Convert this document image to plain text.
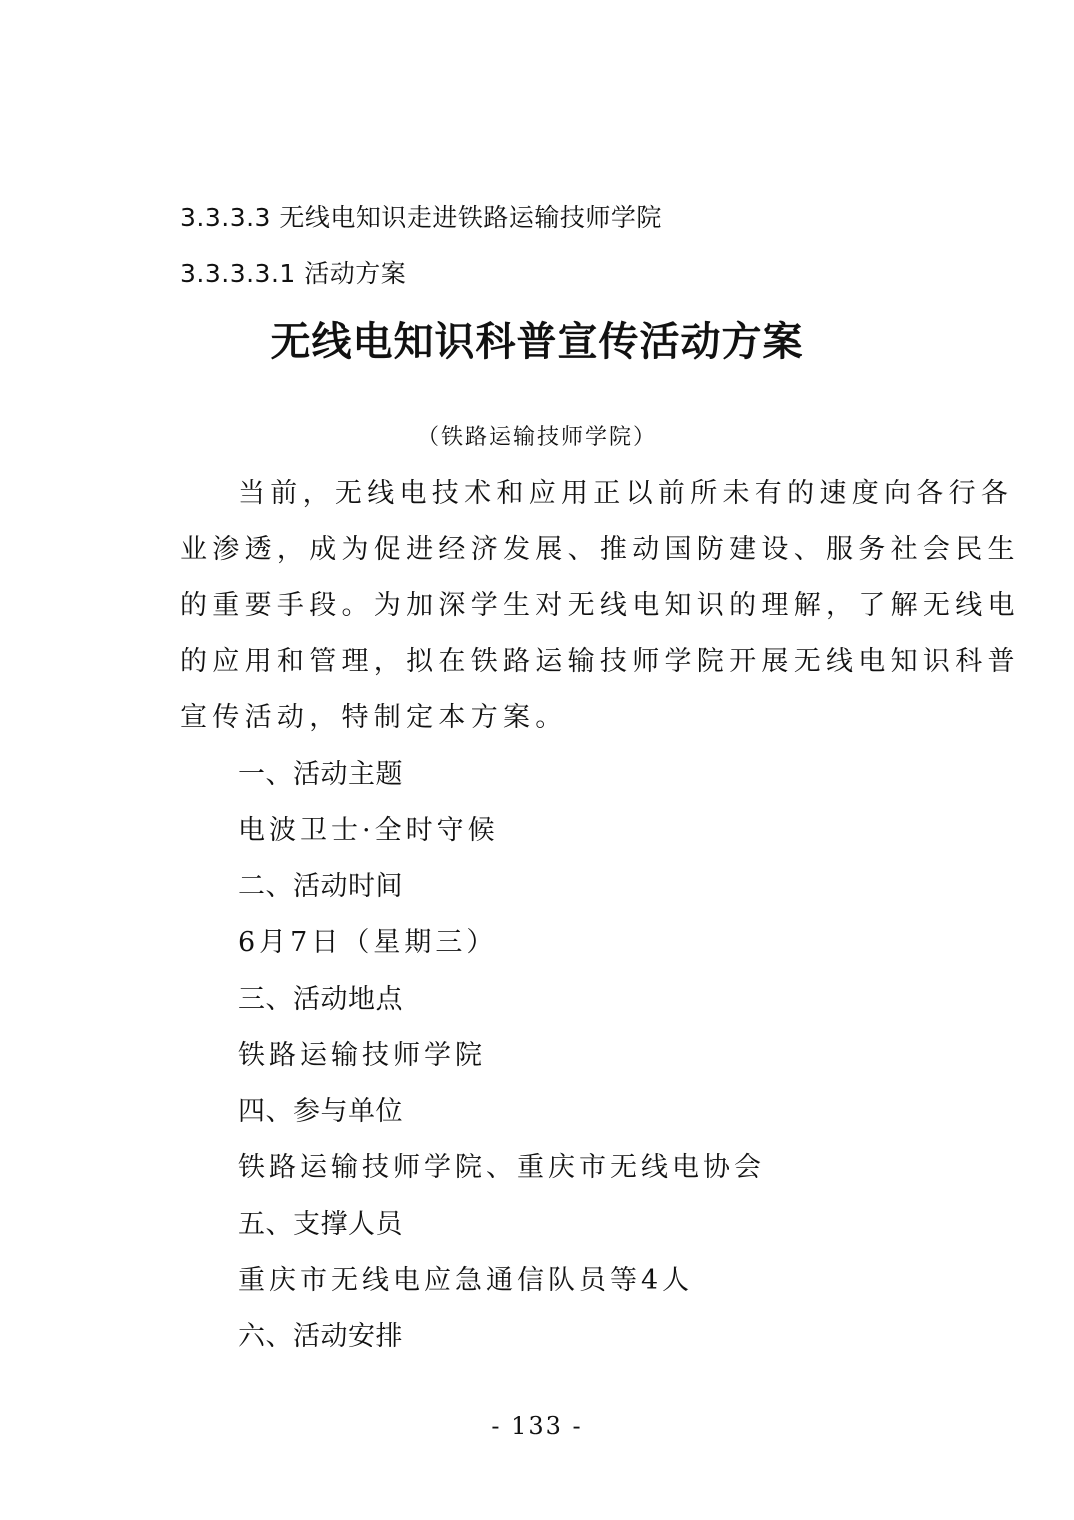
3.3.3.3 无线电知识走进铁路运输技师学院
3.3.3.3.1 活动方案
无线电知识科普宣传活动方案
（铁路运输技师学院）
当前，无线电技术和应用正以前所未有的速度向各行各
业渗透，成为促进经济发展、推动国防建设、服务社会民生
的重要手段。为加深学生对无线电知识的理解，了解无线电
的应用和管理，拟在铁路运输技师学院开展无线电知识科普
宣传活动，特制定本方案。
一、活动主题
电波卫士·全时守候
二、活动时间
6月7日（星期三）
三、活动地点
铁路运输技师学院
四、参与单位
铁路运输技师学院、重庆市无线电协会
五、支撑人员
重庆市无线电应急通信队员等4人
六、活动安排
- 133 -
